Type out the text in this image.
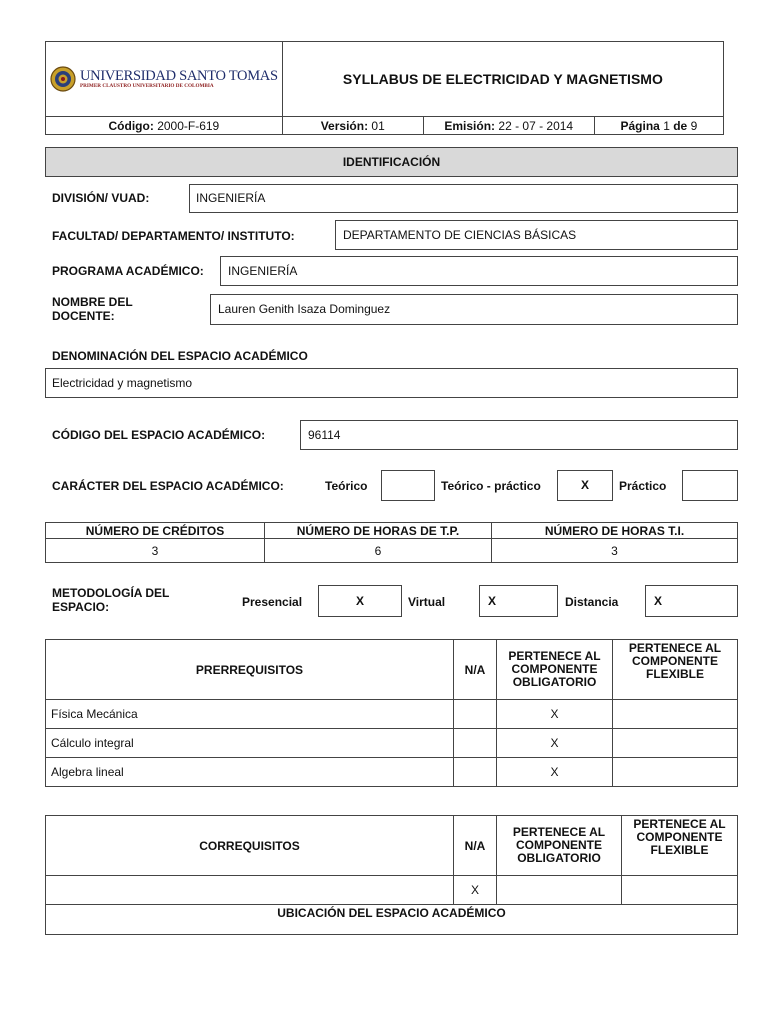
UNIVERSIDAD SANTO TOMAS
PRIMER CLAUSTRO UNIVERSITARIO DE COLOMBIA	SYLLABUS DE ELECTRICIDAD Y MAGNETISMO		
Código: 2000-F-619	Versión: 01	Emisión: 22 - 07 - 2014	Página 1 de 9
IDENTIFICACIÓN
DIVISIÓN/ VUAD:	INGENIERÍA
FACULTAD/ DEPARTAMENTO/ INSTITUTO:	DEPARTAMENTO DE CIENCIAS BÁSICAS
PROGRAMA ACADÉMICO:	INGENIERÍA
NOMBRE DEL
DOCENTE:	Lauren Genith Isaza Dominguez
DENOMINACIÓN DEL ESPACIO ACADÉMICO
Electricidad y magnetismo
CÓDIGO DEL ESPACIO ACADÉMICO:	96114
CARÁCTER DEL ESPACIO ACADÉMICO:	Teórico	Teórico - práctico	X	Práctico
NÚMERO DE CRÉDITOS	NÚMERO DE HORAS DE T.P.	NÚMERO DE HORAS T.I.
3	6	3
METODOLOGÍA DEL
ESPACIO:	Presencial	X	Virtual	X	Distancia	X
PRERREQUISITOS	N/A	PERTENECE AL COMPONENTE OBLIGATORIO	PERTENECE AL COMPONENTE FLEXIBLE
Física Mecánica		X	
Cálculo integral		X	
Algebra lineal		X	
CORREQUISITOS	N/A	PERTENECE AL COMPONENTE OBLIGATORIO	PERTENECE AL COMPONENTE FLEXIBLE
	X		
UBICACIÓN DEL ESPACIO ACADÉMICO			
